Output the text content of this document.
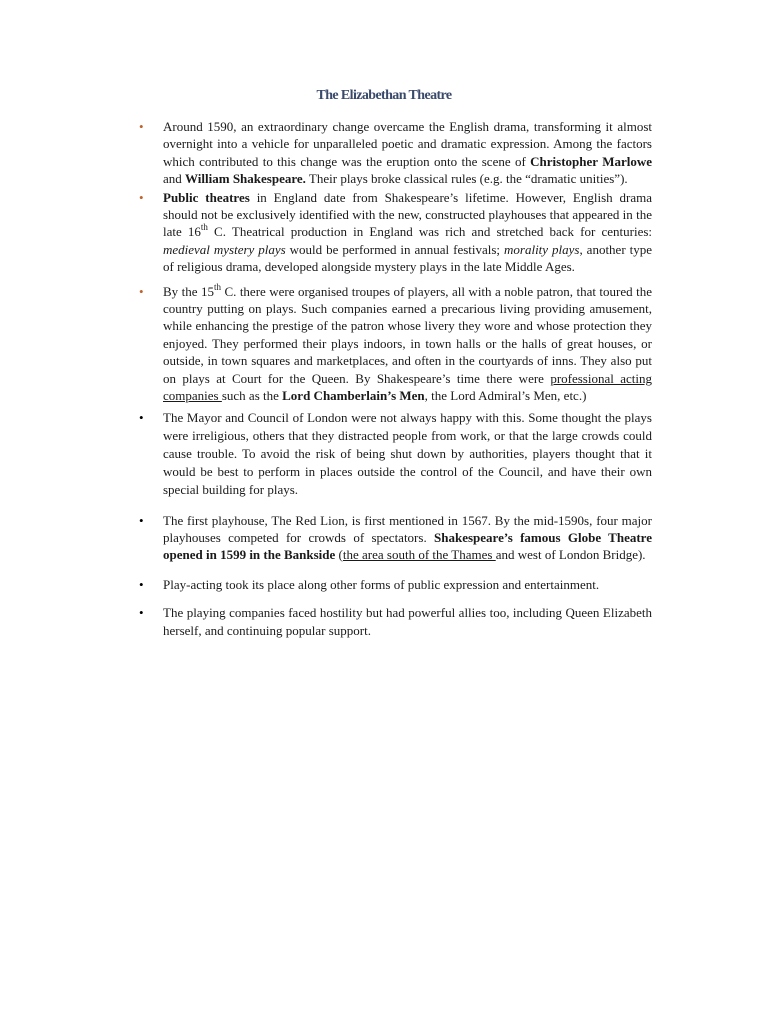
The Elizabethan Theatre
• Around 1590, an extraordinary change overcame the English drama, transforming it almost overnight into a vehicle for unparalleled poetic and dramatic expression. Among the factors which contributed to this change was the eruption onto the scene of Christopher Marlowe and William Shakespeare. Their plays broke classical rules (e.g. the “dramatic unities”).
• Public theatres in England date from Shakespeare’s lifetime. However, English drama should not be exclusively identified with the new, constructed playhouses that appeared in the late 16th C. Theatrical production in England was rich and stretched back for centuries: medieval mystery plays would be performed in annual festivals; morality plays, another type of religious drama, developed alongside mystery plays in the late Middle Ages.
• By the 15th C. there were organised troupes of players, all with a noble patron, that toured the country putting on plays. Such companies earned a precarious living providing amusement, while enhancing the prestige of the patron whose livery they wore and whose protection they enjoyed. They performed their plays indoors, in town halls or the halls of great houses, or outside, in town squares and marketplaces, and often in the courtyards of inns. They also put on plays at Court for the Queen. By Shakespeare’s time there were professional acting companies such as the Lord Chamberlain’s Men, the Lord Admiral’s Men, etc.)
• The Mayor and Council of London were not always happy with this. Some thought the plays were irreligious, others that they distracted people from work, or that the large crowds could cause trouble. To avoid the risk of being shut down by authorities, players thought that it would be best to perform in places outside the control of the Council, and have their own special building for plays.
• The first playhouse, The Red Lion, is first mentioned in 1567. By the mid-1590s, four major playhouses competed for crowds of spectators. Shakespeare’s famous Globe Theatre opened in 1599 in the Bankside (the area south of the Thames and west of London Bridge).
• Play-acting took its place along other forms of public expression and entertainment.
• The playing companies faced hostility but had powerful allies too, including Queen Elizabeth herself, and continuing popular support.
